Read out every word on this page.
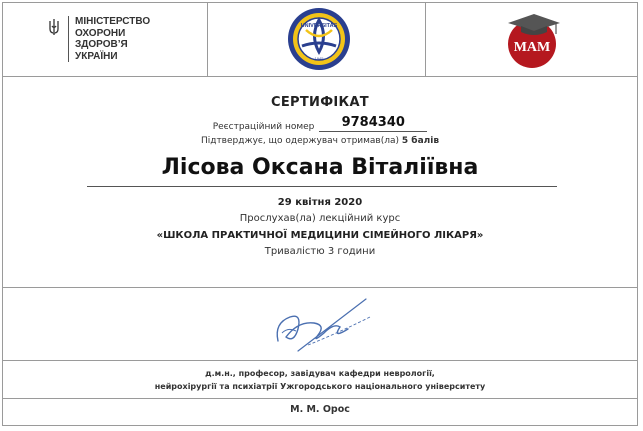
МІНІСТЕРСТВО
ОХОРОНИ
ЗДОРОВ’Я
УКРАЇНИ
UNIVERSITAS
1945
МАМ
СЕРТИФІКАТ
Реєстраційний номер	9784340
Підтверджує, що одержувач отримав(ла) 5 балів
Лісова Оксана Віталіївна
29 квітня 2020
Прослухав(ла) лекційний курс
«ШКОЛА ПРАКТИЧНОЇ МЕДИЦИНИ СІМЕЙНОГО ЛІКАРЯ»
Тривалістю 3 години
д.м.н., професор, завідувач кафедри неврології,
нейрохірургії та психіатрії Ужгородського національного університету
М. М. Орос
